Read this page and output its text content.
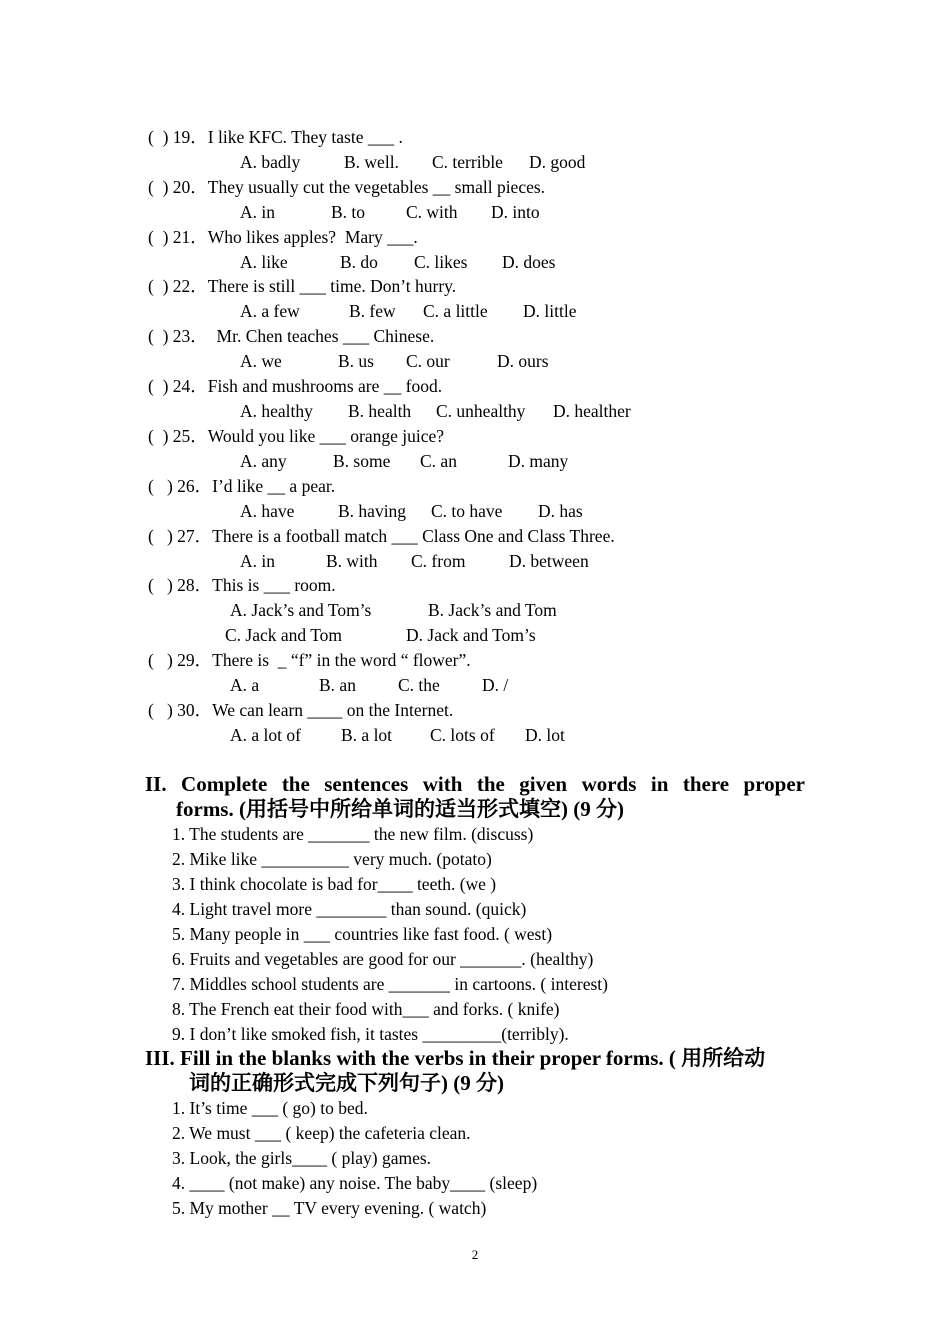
(  ) 19．I like KFC. They taste ___ .
A. badly B. well. C. terrible D. good
(  ) 20．They usually cut the vegetables __ small pieces.
A. in	B. to C. with D. into
(  ) 21．Who likes apples?  Mary ___.
A. like	B. do C. likes D. does
(  ) 22．There is still ___ time. Don’t hurry.
A. a few	B. few C. a little D. little
(  ) 23．  Mr. Chen teaches ___ Chinese.
A. we	B. us C. our	D. ours
(  ) 24．Fish and mushrooms are __ food.
A. healthy B. health C. unhealthy D. healther
(  ) 25．Would you like ___ orange juice?
A. any	B. some C. an	D. many
(   ) 26．I’d like __ a pear.
A. have B. having C. to have D. has
(   ) 27．There is a football match ___ Class One and Class Three.
A. in	B. with C. from D. between
(   ) 28．This is ___ room.
A. Jack’s and Tom’s	B. Jack’s and Tom
C. Jack and Tom	D. Jack and Tom’s
(   ) 29．There is  _ “f” in the word “ flower”.
A. a	B. an C. the D. /
(   ) 30．We can learn ____ on the Internet.
A. a lot of B. a lot C. lots of D. lot
II. Complete the sentences with the given words in there proper
forms. (用括号中所给单词的适当形式填空) (9 分)
1. The students are _______ the new film. (discuss)
2. Mike like __________ very much. (potato)
3. I think chocolate is bad for____ teeth. (we )
4. Light travel more ________ than sound. (quick)
5. Many people in ___ countries like fast food. ( west)
6. Fruits and vegetables are good for our _______. (healthy)
7. Middles school students are _______ in cartoons. ( interest)
8. The French eat their food with___ and forks. ( knife)
9. I don’t like smoked fish, it tastes _________(terribly).
III. Fill in the blanks with the verbs in their proper forms. ( 用所给动
词的正确形式完成下列句子) (9 分)
1. It’s time ___ ( go) to bed.
2. We must ___ ( keep) the cafeteria clean.
3. Look, the girls____ ( play) games.
4. ____ (not make) any noise. The baby____ (sleep)
5. My mother __ TV every evening. ( watch)
2
